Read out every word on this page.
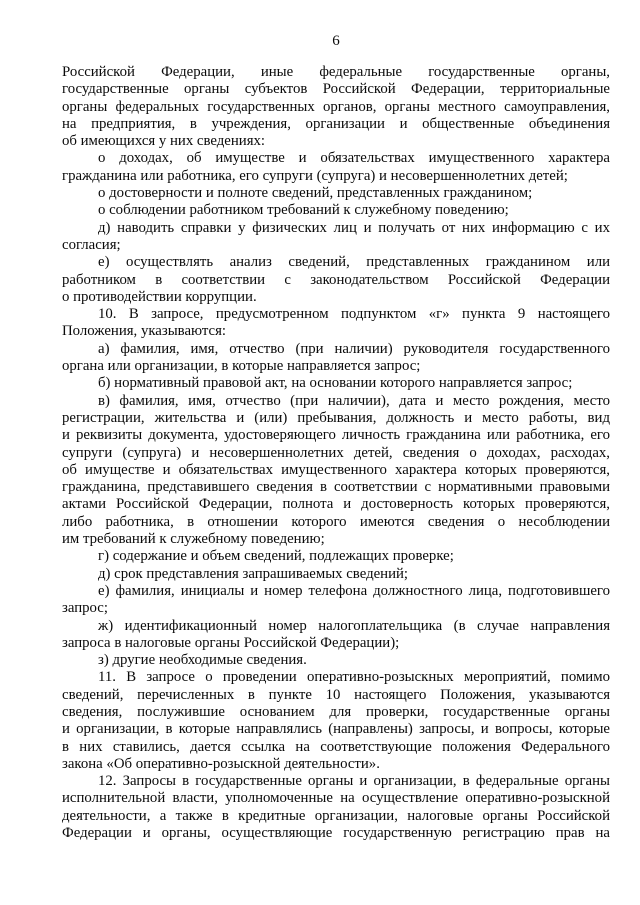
6
Российской Федерации, иные федеральные государственные органы,
государственные органы субъектов Российской Федерации, территориальные
органы федеральных государственных органов, органы местного самоуправления,
на предприятия, в учреждения, организации и общественные объединения
об имеющихся у них сведениях:
о доходах, об имуществе и обязательствах имущественного характера
гражданина или работника, его супруги (супруга) и несовершеннолетних детей;
о достоверности и полноте сведений, представленных гражданином;
о соблюдении работником требований к служебному поведению;
д) наводить справки у физических лиц и получать от них информацию с их
согласия;
е) осуществлять анализ сведений, представленных гражданином или
работником в соответствии с законодательством Российской Федерации
о противодействии коррупции.
10. В запросе, предусмотренном подпунктом «г» пункта 9 настоящего
Положения, указываются:
а) фамилия, имя, отчество (при наличии) руководителя государственного
органа или организации, в которые направляется запрос;
б) нормативный правовой акт, на основании которого направляется запрос;
в) фамилия, имя, отчество (при наличии), дата и место рождения, место
регистрации, жительства и (или) пребывания, должность и место работы, вид
и реквизиты документа, удостоверяющего личность гражданина или работника, его
супруги (супруга) и несовершеннолетних детей, сведения о доходах, расходах,
об имуществе и обязательствах имущественного характера которых проверяются,
гражданина, представившего сведения в соответствии с нормативными правовыми
актами Российской Федерации, полнота и достоверность которых проверяются,
либо работника, в отношении которого имеются сведения о несоблюдении
им требований к служебному поведению;
г) содержание и объем сведений, подлежащих проверке;
д) срок представления запрашиваемых сведений;
е) фамилия, инициалы и номер телефона должностного лица, подготовившего
запрос;
ж) идентификационный номер налогоплательщика (в случае направления
запроса в налоговые органы Российской Федерации);
з) другие необходимые сведения.
11. В запросе о проведении оперативно-розыскных мероприятий, помимо
сведений, перечисленных в пункте 10 настоящего Положения, указываются
сведения, послужившие основанием для проверки, государственные органы
и организации, в которые направлялись (направлены) запросы, и вопросы, которые
в них ставились, дается ссылка на соответствующие положения Федерального
закона «Об оперативно-розыскной деятельности».
12. Запросы в государственные органы и организации, в федеральные органы
исполнительной власти, уполномоченные на осуществление оперативно-розыскной
деятельности, а также в кредитные организации, налоговые органы Российской
Федерации и органы, осуществляющие государственную регистрацию прав на
